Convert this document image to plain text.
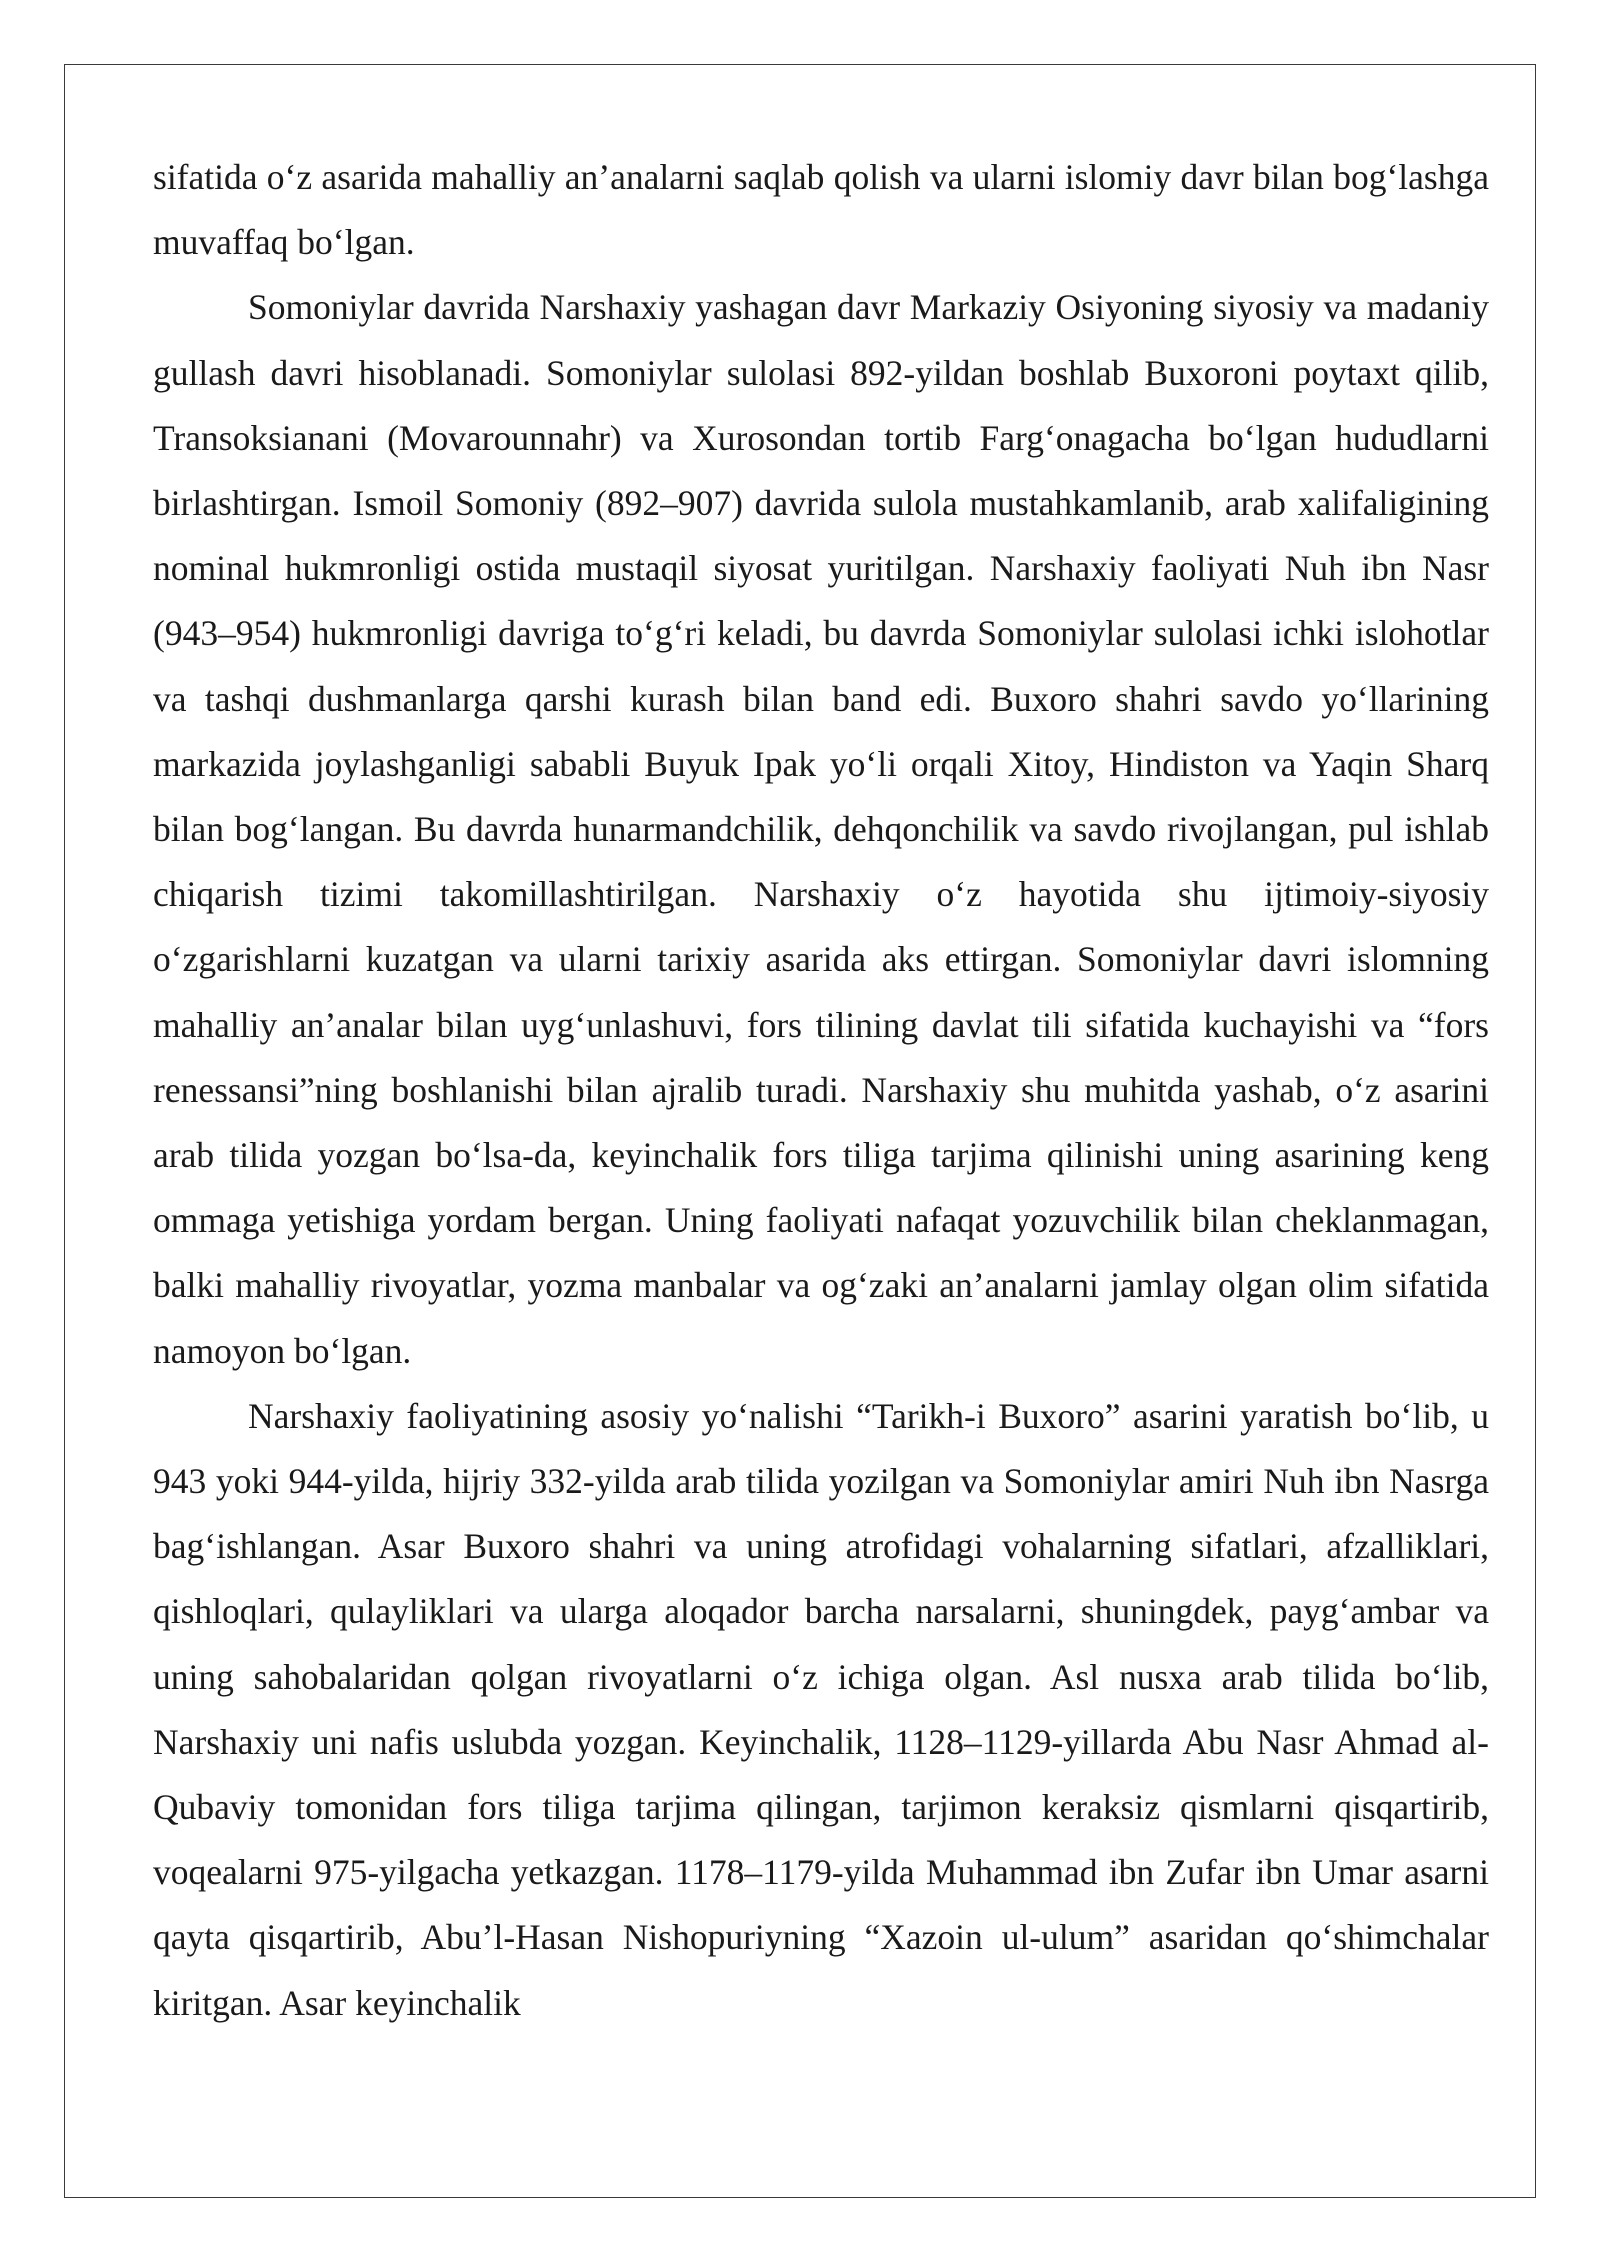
sifatida o‘z asarida mahalliy an’analarni saqlab qolish va ularni islomiy davr bilan bog‘lashga muvaffaq bo‘lgan.

Somoniylar davrida Narshaxiy yashagan davr Markaziy Osiyoning siyosiy va madaniy gullash davri hisoblanadi. Somoniylar sulolasi 892-yildan boshlab Buxoroni poytaxt qilib, Transoksianani (Movarounnahr) va Xurosondan tortib Farg‘onagacha bo‘lgan hududlarni birlashtirgan. Ismoil Somoniy (892–907) davrida sulola mustahkamlanib, arab xalifaligining nominal hukmronligi ostida mustaqil siyosat yuritilgan. Narshaxiy faoliyati Nuh ibn Nasr (943–954) hukmronligi davriga to‘g‘ri keladi, bu davrda Somoniylar sulolasi ichki islohotlar va tashqi dushmanlarga qarshi kurash bilan band edi. Buxoro shahri savdo yo‘llarining markazida joylashganligi sababli Buyuk Ipak yo‘li orqali Xitoy, Hindiston va Yaqin Sharq bilan bog‘langan. Bu davrda hunarmandchilik, dehqonchilik va savdo rivojlangan, pul ishlab chiqarish tizimi takomillashtirilgan. Narshaxiy o‘z hayotida shu ijtimoiy-siyosiy o‘zgarishlarni kuzatgan va ularni tarixiy asarida aks ettirgan. Somoniylar davri islomning mahalliy an’analar bilan uyg‘unlashuvi, fors tilining davlat tili sifatida kuchayishi va “fors renessansi”ning boshlanishi bilan ajralib turadi. Narshaxiy shu muhitda yashab, o‘z asarini arab tilida yozgan bo‘lsa-da, keyinchalik fors tiliga tarjima qilinishi uning asarining keng ommaga yetishiga yordam bergan. Uning faoliyati nafaqat yozuvchilik bilan cheklanmagan, balki mahalliy rivoyatlar, yozma manbalar va og‘zaki an’analarni jamlay olgan olim sifatida namoyon bo‘lgan.

Narshaxiy faoliyatining asosiy yo‘nalishi “Tarikh-i Buxoro” asarini yaratish bo‘lib, u 943 yoki 944-yilda, hijriy 332-yilda arab tilida yozilgan va Somoniylar amiri Nuh ibn Nasrga bag‘ishlangan. Asar Buxoro shahri va uning atrofidagi vohalarning sifatlari, afzalliklari, qishloqlari, qulayliklari va ularga aloqador barcha narsalarni, shuningdek, payg‘ambar va uning sahobalaridan qolgan rivoyatlarni o‘z ichiga olgan. Asl nusxa arab tilida bo‘lib, Narshaxiy uni nafis uslubda yozgan. Keyinchalik, 1128–1129-yillarda Abu Nasr Ahmad al-Qubaviy tomonidan fors tiliga tarjima qilingan, tarjimon keraksiz qismlarni qisqartirib, voqealarni 975-yilgacha yetkazgan. 1178–1179-yilda Muhammad ibn Zufar ibn Umar asarni qayta qisqartirib, Abu’l-Hasan Nishopuriyning “Xazoin ul-ulum” asaridan qo‘shimchalar kiritgan. Asar keyinchalik
